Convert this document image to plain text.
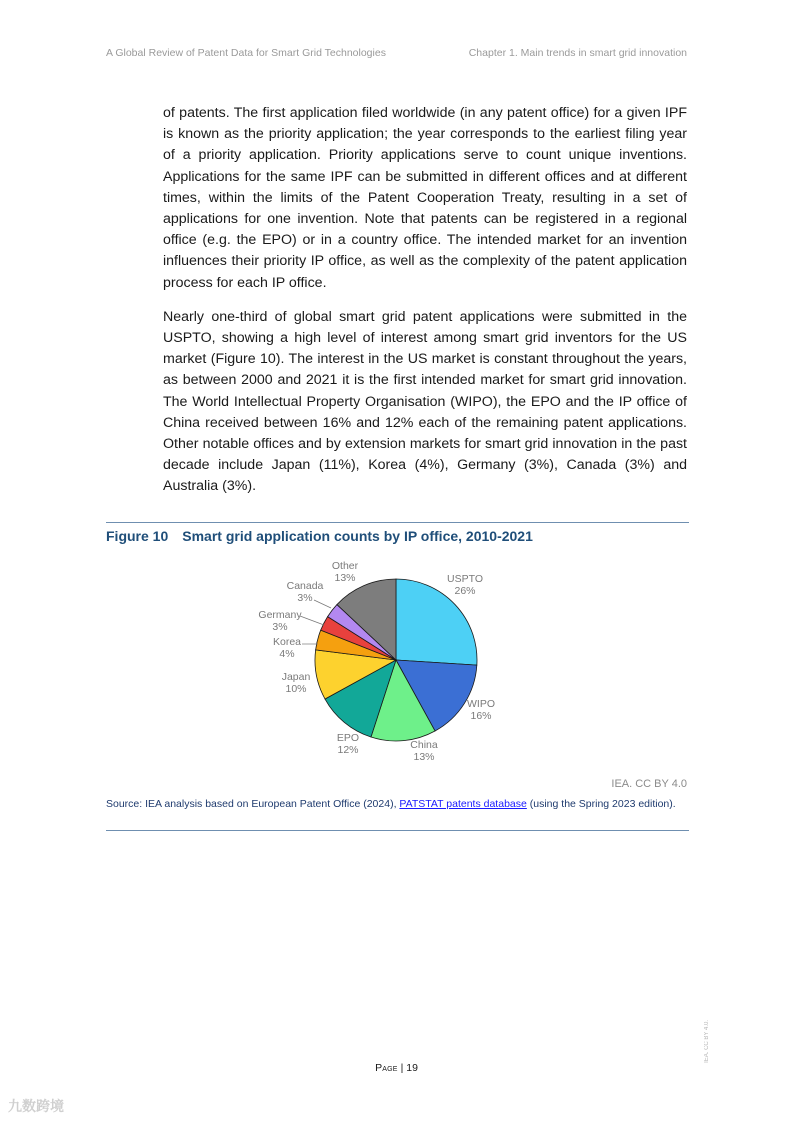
A Global Review of Patent Data for Smart Grid Technologies	Chapter 1. Main trends in smart grid innovation

of patents. The first application filed worldwide (in any patent office) for a given IPF is known as the priority application; the year corresponds to the earliest filing year of a priority application. Priority applications serve to count unique inventions. Applications for the same IPF can be submitted in different offices and at different times, within the limits of the Patent Cooperation Treaty, resulting in a set of applications for one invention. Note that patents can be registered in a regional office (e.g. the EPO) or in a country office. The intended market for an invention influences their priority IP office, as well as the complexity of the patent application process for each IP office.

Nearly one-third of global smart grid patent applications were submitted in the USPTO, showing a high level of interest among smart grid inventors for the US market (Figure 10). The interest in the US market is constant throughout the years, as between 2000 and 2021 it is the first intended market for smart grid innovation. The World Intellectual Property Organisation (WIPO), the EPO and the IP office of China received between 16% and 12% each of the remaining patent applications. Other notable offices and by extension markets for smart grid innovation in the past decade include Japan (11%), Korea (4%), Germany (3%), Canada (3%) and Australia (3%).

Figure 10 Smart grid application counts by IP office, 2010-2021
USPTO
26%
WIPO
16%
China
13%
EPO
12%
Japan
10%
Korea
4%
Germany
3%
Canada
3%
Other
13%
IEA. CC BY 4.0
Source: IEA analysis based on European Patent Office (2024), PATSTAT patents database (using the Spring 2023 edition).
Page | 19
IEA. CC BY 4.0.
九数跨境
